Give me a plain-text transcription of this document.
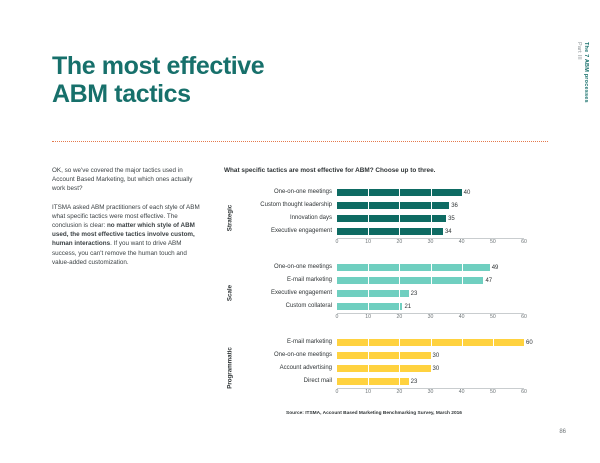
Part III The 7 ABM processes
The most effective
ABM tactics

OK, so we've covered the major tactics used in Account Based Marketing, but which ones actually work best?

ITSMA asked ABM practitioners of each style of ABM what specific tactics were most effective. The conclusion is clear: no matter which style of ABM used, the most effective tactics involve custom, human interactions. If you want to drive ABM success, you can't remove the human touch and value-added customization.

What specific tactics are most effective for ABM? Choose up to three.
Strategic
One-on-one meetings	40
Custom thought leadership	36
Innovation days	35
Executive engagement	34
0	10	20	30	40	50	60
Scale
One-on-one meetings	49
E-mail marketing	47
Executive engagement	23
Custom collateral	21
0	10	20	30	40	50	60
Programmatic
E-mail marketing	60
One-on-one meetings	30
Account advertising	30
Direct mail	23
0	10	20	30	40	50	60
Source: ITSMA, Account Based Marketing Benchmarking Survey, March 2016
86
